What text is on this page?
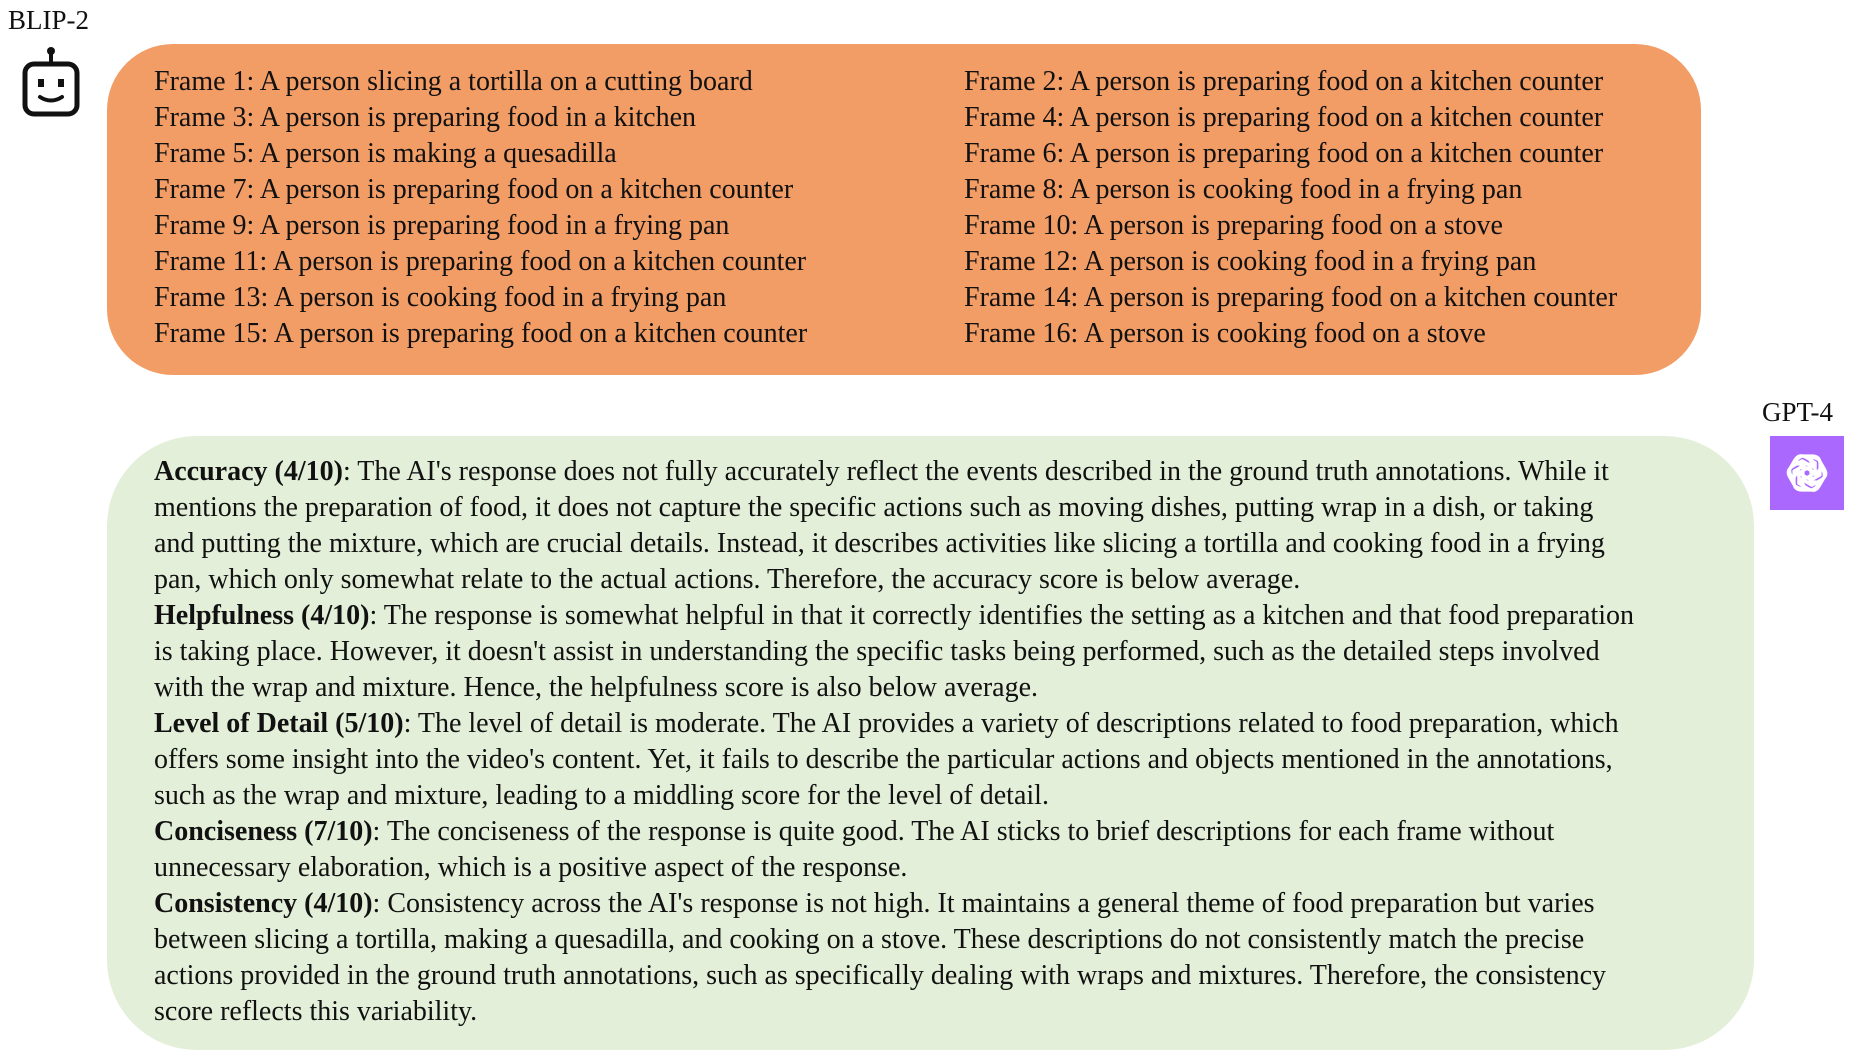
BLIP-2
Frame 1: A person slicing a tortilla on a cutting board
Frame 3: A person is preparing food in a kitchen
Frame 5: A person is making a quesadilla
Frame 7: A person is preparing food on a kitchen counter
Frame 9: A person is preparing food in a frying pan
Frame 11: A person is preparing food on a kitchen counter
Frame 13: A person is cooking food in a frying pan
Frame 15: A person is preparing food on a kitchen counter
Frame 2: A person is preparing food on a kitchen counter
Frame 4: A person is preparing food on a kitchen counter
Frame 6: A person is preparing food on a kitchen counter
Frame 8: A person is cooking food in a frying pan
Frame 10: A person is preparing food on a stove
Frame 12: A person is cooking food in a frying pan
Frame 14: A person is preparing food on a kitchen counter
Frame 16: A person is cooking food on a stove
GPT-4
Accuracy (4/10): The AI's response does not fully accurately reflect the events described in the ground truth annotations. While it
mentions the preparation of food, it does not capture the specific actions such as moving dishes, putting wrap in a dish, or taking
and putting the mixture, which are crucial details. Instead, it describes activities like slicing a tortilla and cooking food in a frying
pan, which only somewhat relate to the actual actions. Therefore, the accuracy score is below average.
Helpfulness (4/10): The response is somewhat helpful in that it correctly identifies the setting as a kitchen and that food preparation
is taking place. However, it doesn't assist in understanding the specific tasks being performed, such as the detailed steps involved
with the wrap and mixture. Hence, the helpfulness score is also below average.
Level of Detail (5/10): The level of detail is moderate. The AI provides a variety of descriptions related to food preparation, which
offers some insight into the video's content. Yet, it fails to describe the particular actions and objects mentioned in the annotations,
such as the wrap and mixture, leading to a middling score for the level of detail.
Conciseness (7/10): The conciseness of the response is quite good. The AI sticks to brief descriptions for each frame without
unnecessary elaboration, which is a positive aspect of the response.
Consistency (4/10): Consistency across the AI's response is not high. It maintains a general theme of food preparation but varies
between slicing a tortilla, making a quesadilla, and cooking on a stove. These descriptions do not consistently match the precise
actions provided in the ground truth annotations, such as specifically dealing with wraps and mixtures. Therefore, the consistency
score reflects this variability.
